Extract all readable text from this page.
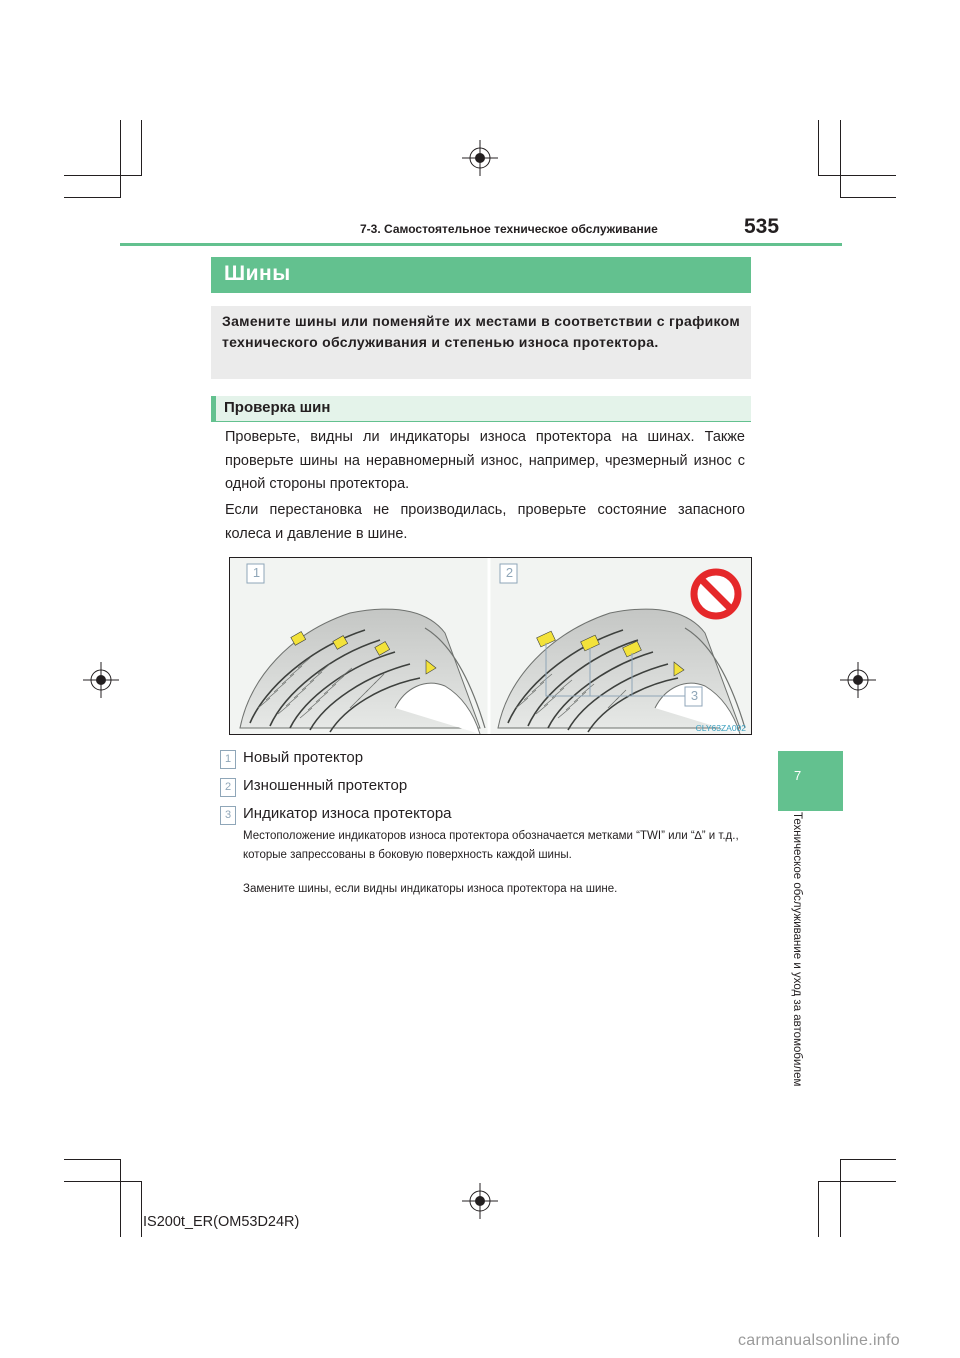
7-3. Самостоятельное техническое обслуживание	535
7
Техническое обслуживание и уход за автомобилем
Шины
Замените шины или поменяйте их местами в соответствии с графиком технического обслуживания и степенью износа протектора.
Проверка шин
Проверьте, видны ли индикаторы износа протектора на шинах. Также проверьте шины на неравномерный износ, например, чрезмерный износ с одной стороны протектора.
Если перестановка не производилась, проверьте состояние запасного колеса и давление в шине.
1	2
3
CLY63ZA002
1 Новый протектор
2 Изношенный протектор
3 Индикатор износа протектора
Местоположение индикаторов износа протектора обозначается метками “TWI” или “∆” и т.д., которые запрессованы в боковую поверхность каждой шины.
Замените шины, если видны индикаторы износа протектора на шине.
IS200t_ER(OM53D24R)
carmanualsonline.info
